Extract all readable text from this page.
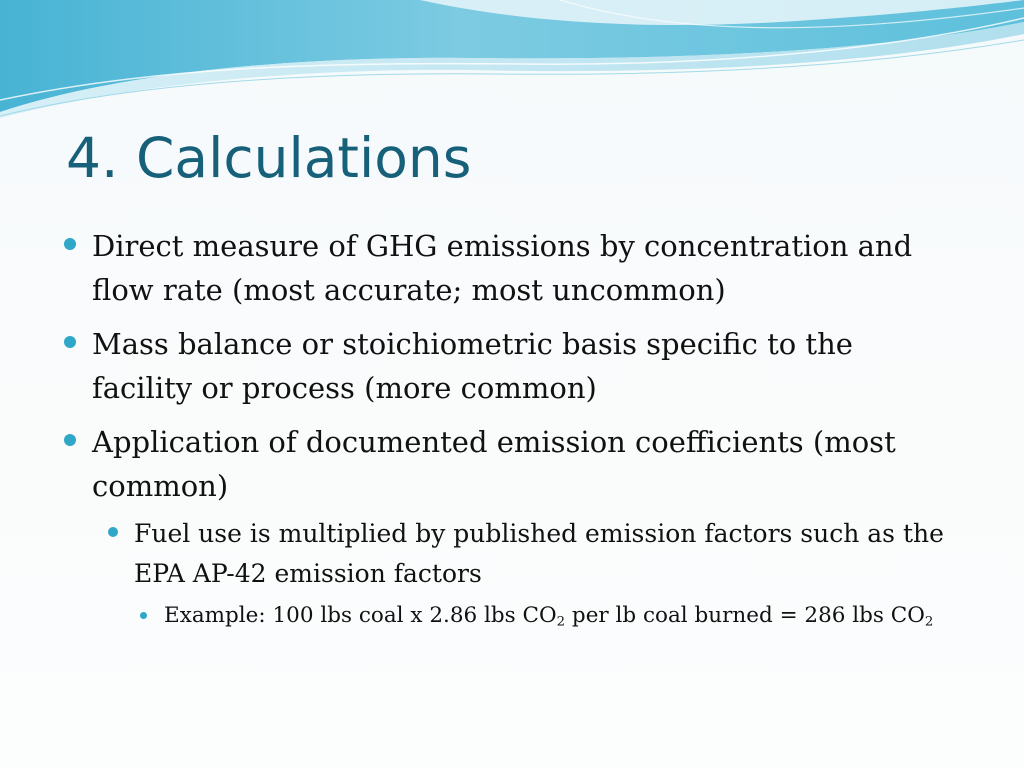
4. Calculations

Direct measure of GHG emissions by concentration and flow rate (most accurate; most uncommon)

Mass balance or stoichiometric basis specific to the facility or process (more common)

Application of documented emission coefficients (most common)

Fuel use is multiplied by published emission factors such as the EPA AP-42 emission factors

Example: 100 lbs coal x 2.86 lbs $CO_2$ per lb coal burned = 286 lbs $CO_2$
